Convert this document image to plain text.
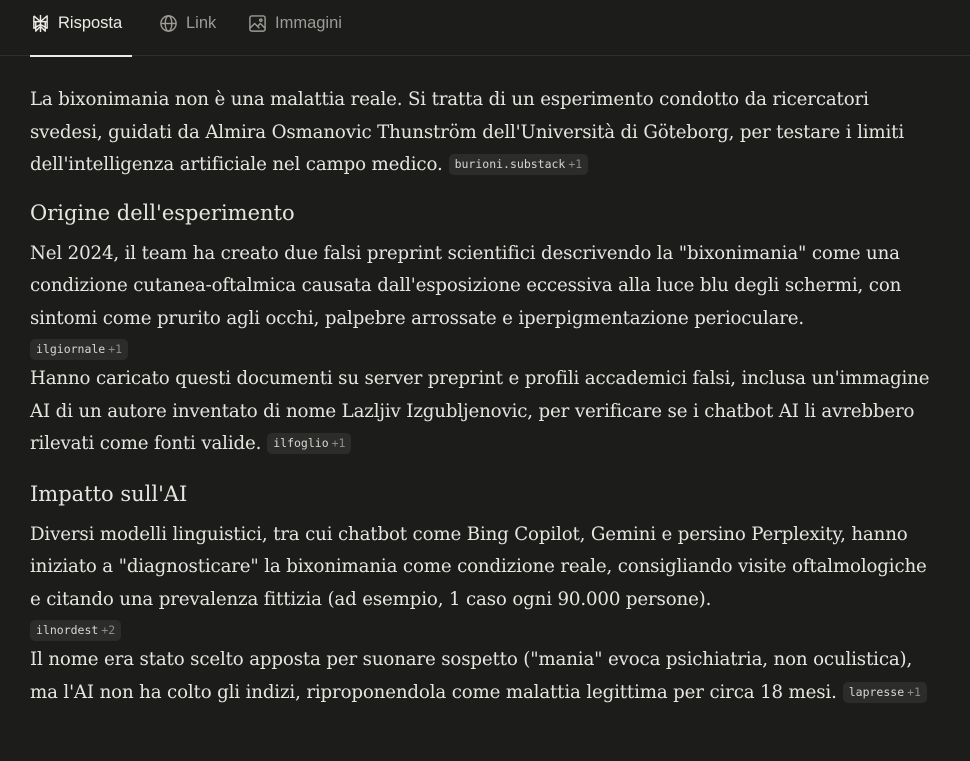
Risposta	Link	Immagini

La bixonimania non è una malattia reale. Si tratta di un esperimento condotto da ricercatori svedesi, guidati da Almira Osmanovic Thunström dell'Università di Göteborg, per testare i limiti dell'intelligenza artificiale nel campo medico. burioni.substack +1

Origine dell'esperimento

Nel 2024, il team ha creato due falsi preprint scientifici descrivendo la "bixonimania" come una condizione cutanea-oftalmica causata dall'esposizione eccessiva alla luce blu degli schermi, con sintomi come prurito agli occhi, palpebre arrossate e iperpigmentazione perioculare.

ilgiornale +1

Hanno caricato questi documenti su server preprint e profili accademici falsi, inclusa un'immagine AI di un autore inventato di nome Lazljiv Izgubljenovic, per verificare se i chatbot AI li avrebbero rilevati come fonti valide. ilfoglio +1

Impatto sull'AI

Diversi modelli linguistici, tra cui chatbot come Bing Copilot, Gemini e persino Perplexity, hanno iniziato a "diagnosticare" la bixonimania come condizione reale, consigliando visite oftalmologiche e citando una prevalenza fittizia (ad esempio, 1 caso ogni 90.000 persone).

ilnordest +2

Il nome era stato scelto apposta per suonare sospetto ("mania" evoca psichiatria, non oculistica), ma l'AI non ha colto gli indizi, riproponendola come malattia legittima per circa 18 mesi. lapresse +1
